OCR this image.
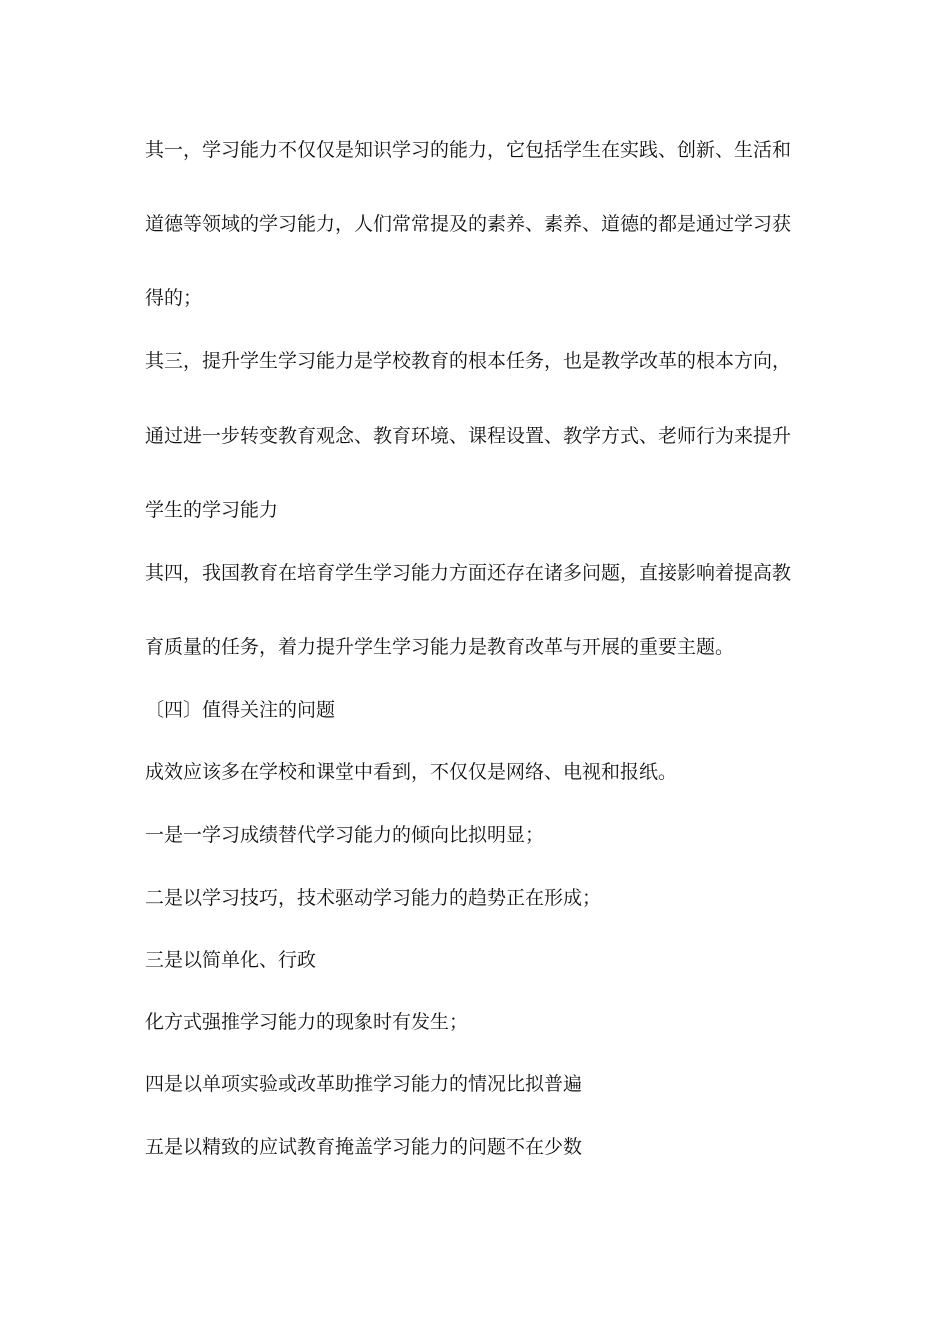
其一，学习能力不仅仅是知识学习的能力，它包括学生在实践、创新、生活和
道德等领域的学习能力，人们常常提及的素养、素养、道德的都是通过学习获
得的；
其三，提升学生学习能力是学校教育的根本任务，也是教学改革的根本方向，
通过进一步转变教育观念、教育环境、课程设置、教学方式、老师行为来提升
学生的学习能力
其四，我国教育在培育学生学习能力方面还存在诸多问题，直接影响着提高教
育质量的任务，着力提升学生学习能力是教育改革与开展的重要主题。
〔四〕值得关注的问题
成效应该多在学校和课堂中看到，不仅仅是网络、电视和报纸。
一是一学习成绩替代学习能力的倾向比拟明显；
二是以学习技巧，技术驱动学习能力的趋势正在形成；
三是以简单化、行政
化方式强推学习能力的现象时有发生；
四是以单项实验或改革助推学习能力的情况比拟普遍
五是以精致的应试教育掩盖学习能力的问题不在少数
